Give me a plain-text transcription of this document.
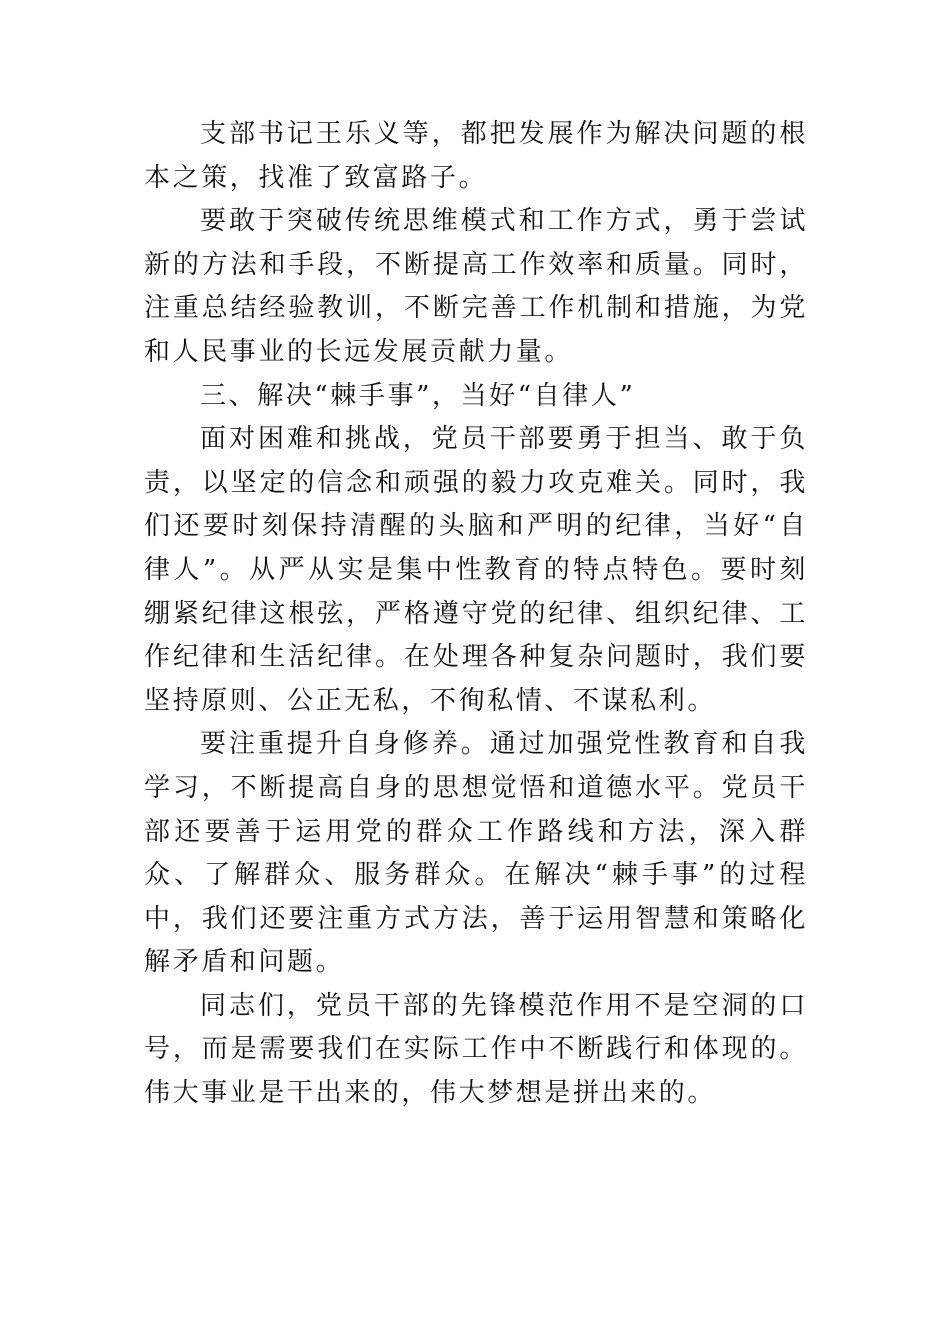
支部书记王乐义等，都把发展作为解决问题的根本之策，找准了致富路子。

要敢于突破传统思维模式和工作方式，勇于尝试新的方法和手段，不断提高工作效率和质量。同时，注重总结经验教训，不断完善工作机制和措施，为党和人民事业的长远发展贡献力量。

三、解决“棘手事”，当好“自律人”

面对困难和挑战，党员干部要勇于担当、敢于负责，以坚定的信念和顽强的毅力攻克难关。同时，我们还要时刻保持清醒的头脑和严明的纪律，当好“自律人”。从严从实是集中性教育的特点特色。要时刻绷紧纪律这根弦，严格遵守党的纪律、组织纪律、工作纪律和生活纪律。在处理各种复杂问题时，我们要坚持原则、公正无私，不徇私情、不谋私利。

要注重提升自身修养。通过加强党性教育和自我学习，不断提高自身的思想觉悟和道德水平。党员干部还要善于运用党的群众工作路线和方法，深入群众、了解群众、服务群众。在解决“棘手事”的过程中，我们还要注重方式方法，善于运用智慧和策略化解矛盾和问题。

同志们，党员干部的先锋模范作用不是空洞的口号，而是需要我们在实际工作中不断践行和体现的。伟大事业是干出来的，伟大梦想是拼出来的。
